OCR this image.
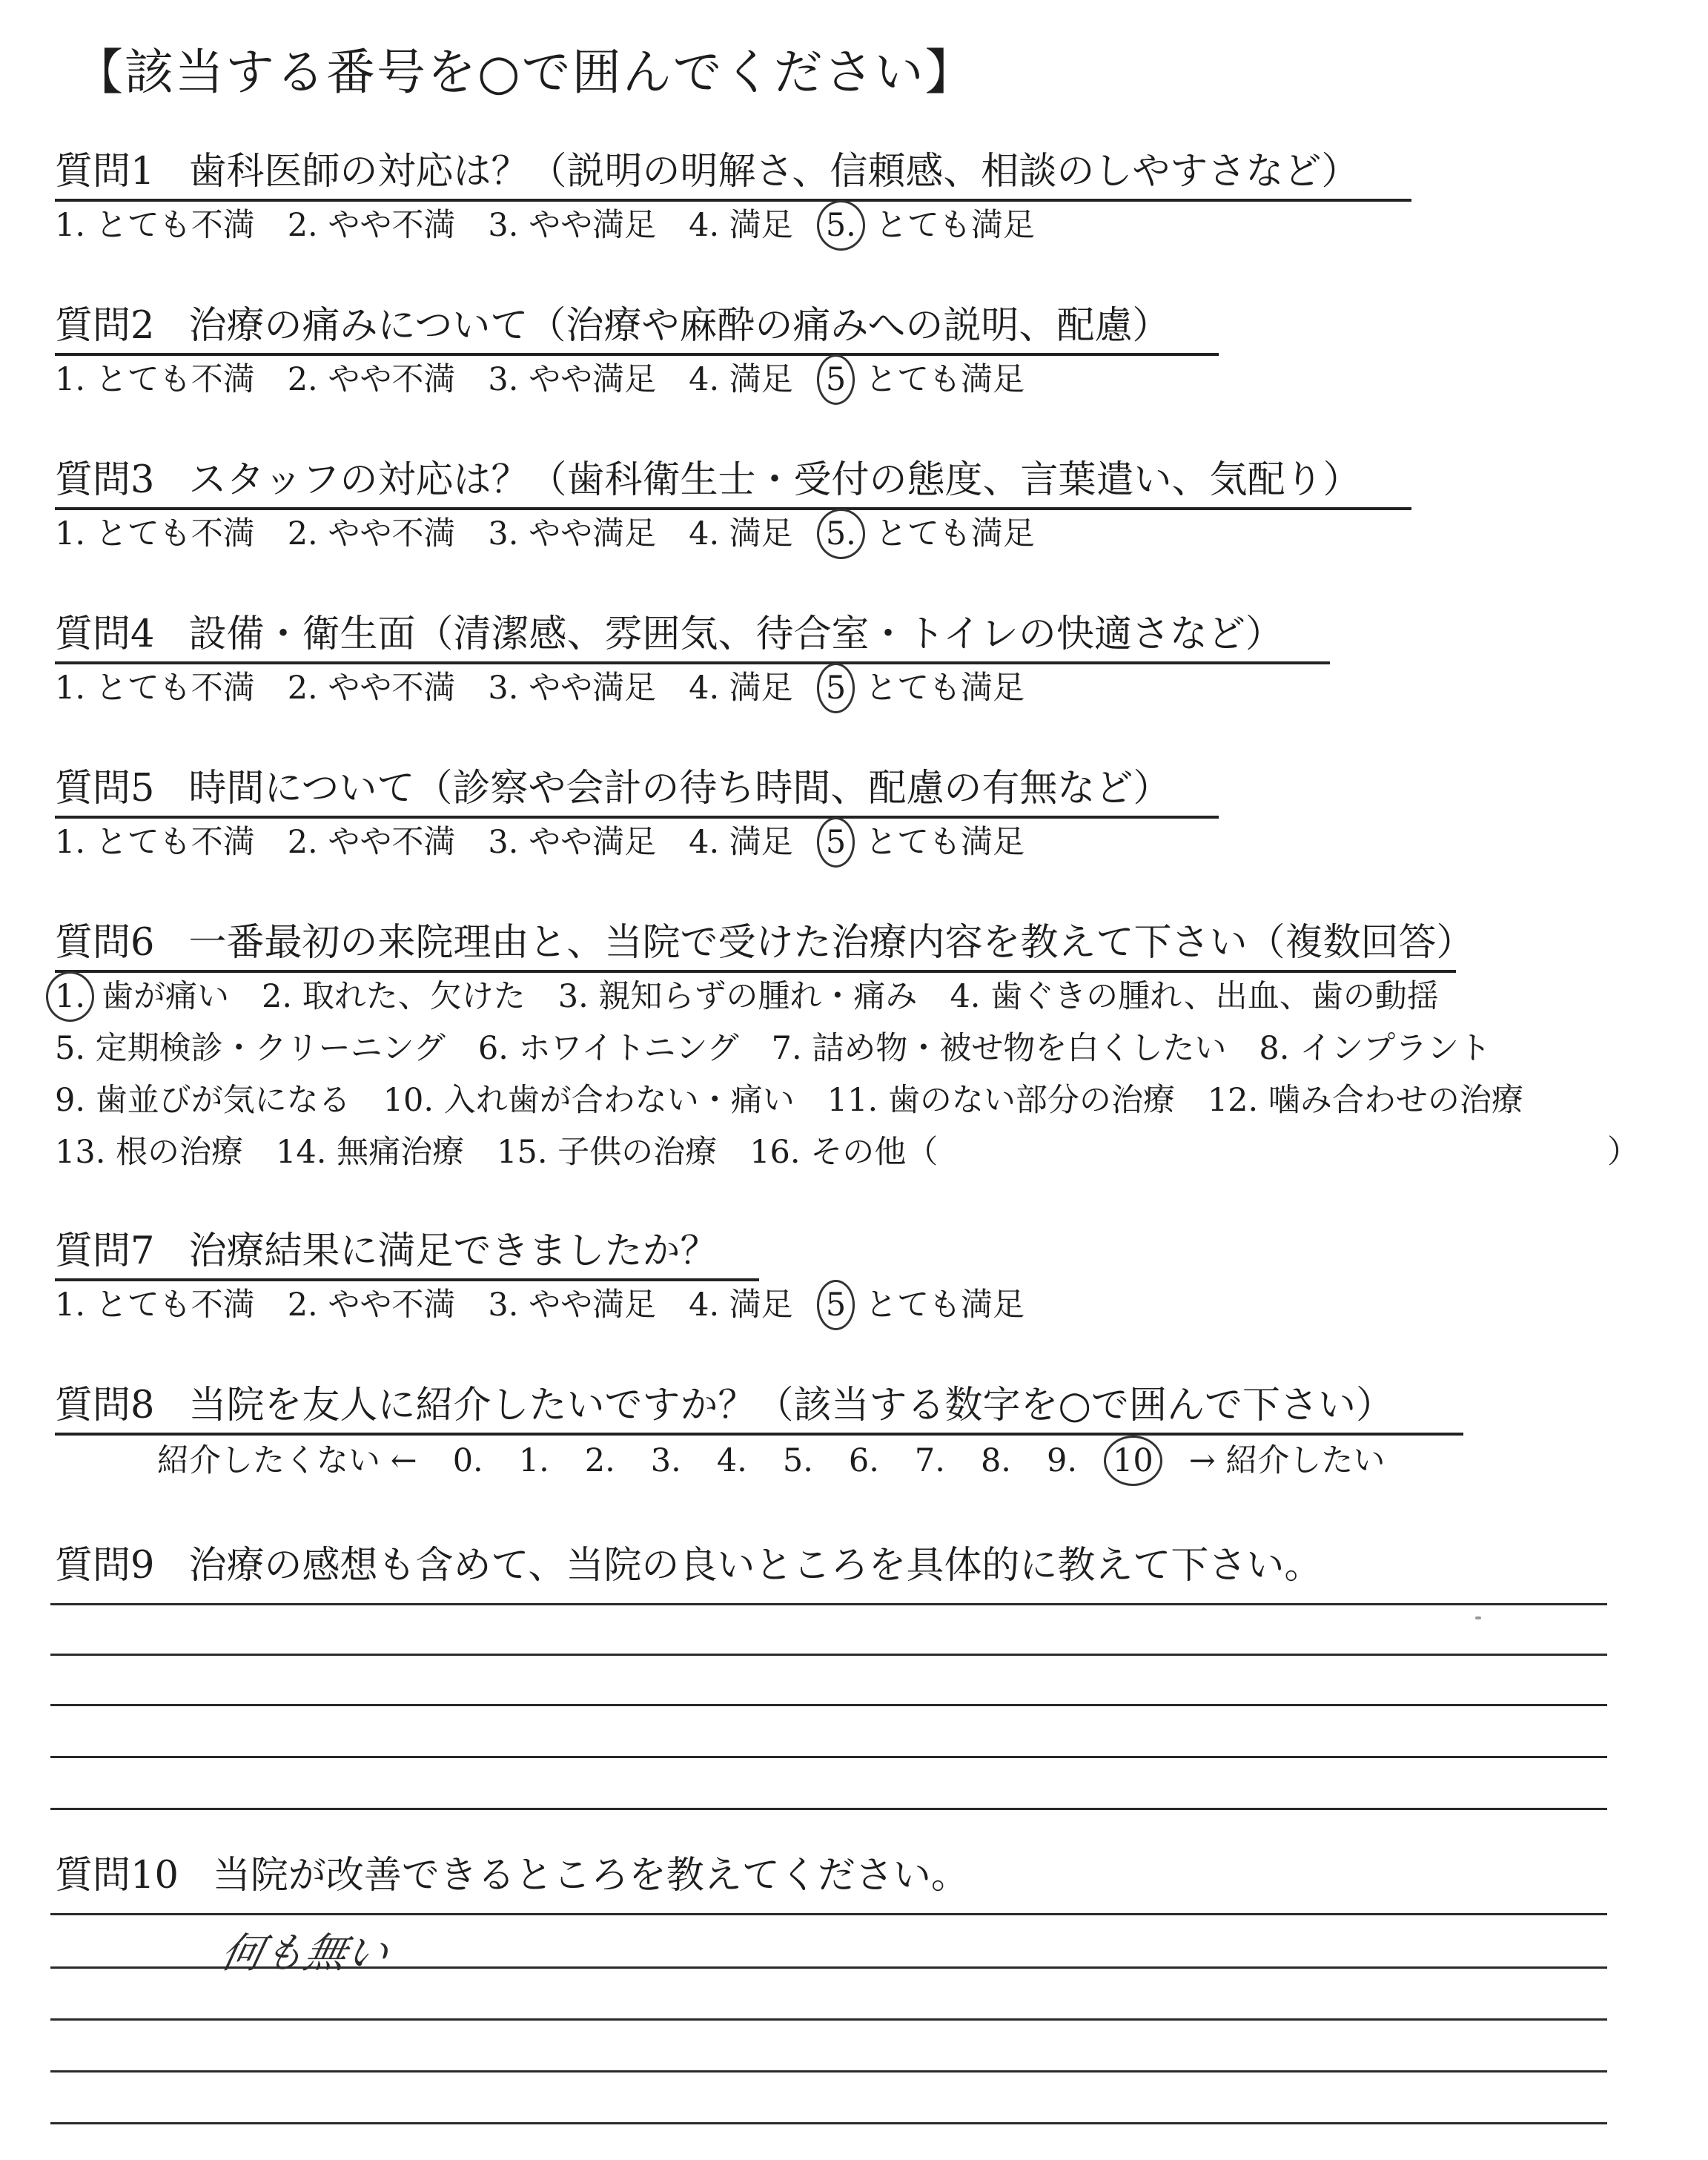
【該当する番号を○で囲んでください】
質問1 歯科医師の対応は？（説明の明解さ、信頼感、相談のしやすさなど）
1. とても不満 2. やや不満 3. やや満足 4. 満足 5. とても満足
質問2 治療の痛みについて（治療や麻酔の痛みへの説明、配慮）
1. とても不満 2. やや不満 3. やや満足 4. 満足 5 とても満足
質問3 スタッフの対応は？（歯科衛生士・受付の態度、言葉遣い、気配り）
1. とても不満 2. やや不満 3. やや満足 4. 満足 5. とても満足
質問4 設備・衛生面（清潔感、雰囲気、待合室・トイレの快適さなど）
1. とても不満 2. やや不満 3. やや満足 4. 満足 5 とても満足
質問5 時間について（診察や会計の待ち時間、配慮の有無など）
1. とても不満 2. やや不満 3. やや満足 4. 満足 5 とても満足
質問6 一番最初の来院理由と、当院で受けた治療内容を教えて下さい（複数回答）
1. 歯が痛い 2. 取れた、欠けた 3. 親知らずの腫れ・痛み 4. 歯ぐきの腫れ、出血、歯の動揺
5. 定期検診・クリーニング 6. ホワイトニング 7. 詰め物・被せ物を白くしたい 8. インプラント
9. 歯並びが気になる 10. 入れ歯が合わない・痛い 11. 歯のない部分の治療 12. 噛み合わせの治療
13. 根の治療 14. 無痛治療 15. 子供の治療 16. その他（	）
質問7 治療結果に満足できましたか？
1. とても不満 2. やや不満 3. やや満足 4. 満足 5 とても満足
質問8 当院を友人に紹介したいですか？（該当する数字を○で囲んで下さい）
紹介したくない ← 0. 1. 2. 3. 4. 5. 6. 7. 8. 9. 10 → 紹介したい
質問9 治療の感想も含めて、当院の良いところを具体的に教えて下さい。
質問10 当院が改善できるところを教えてください。
何も無い
